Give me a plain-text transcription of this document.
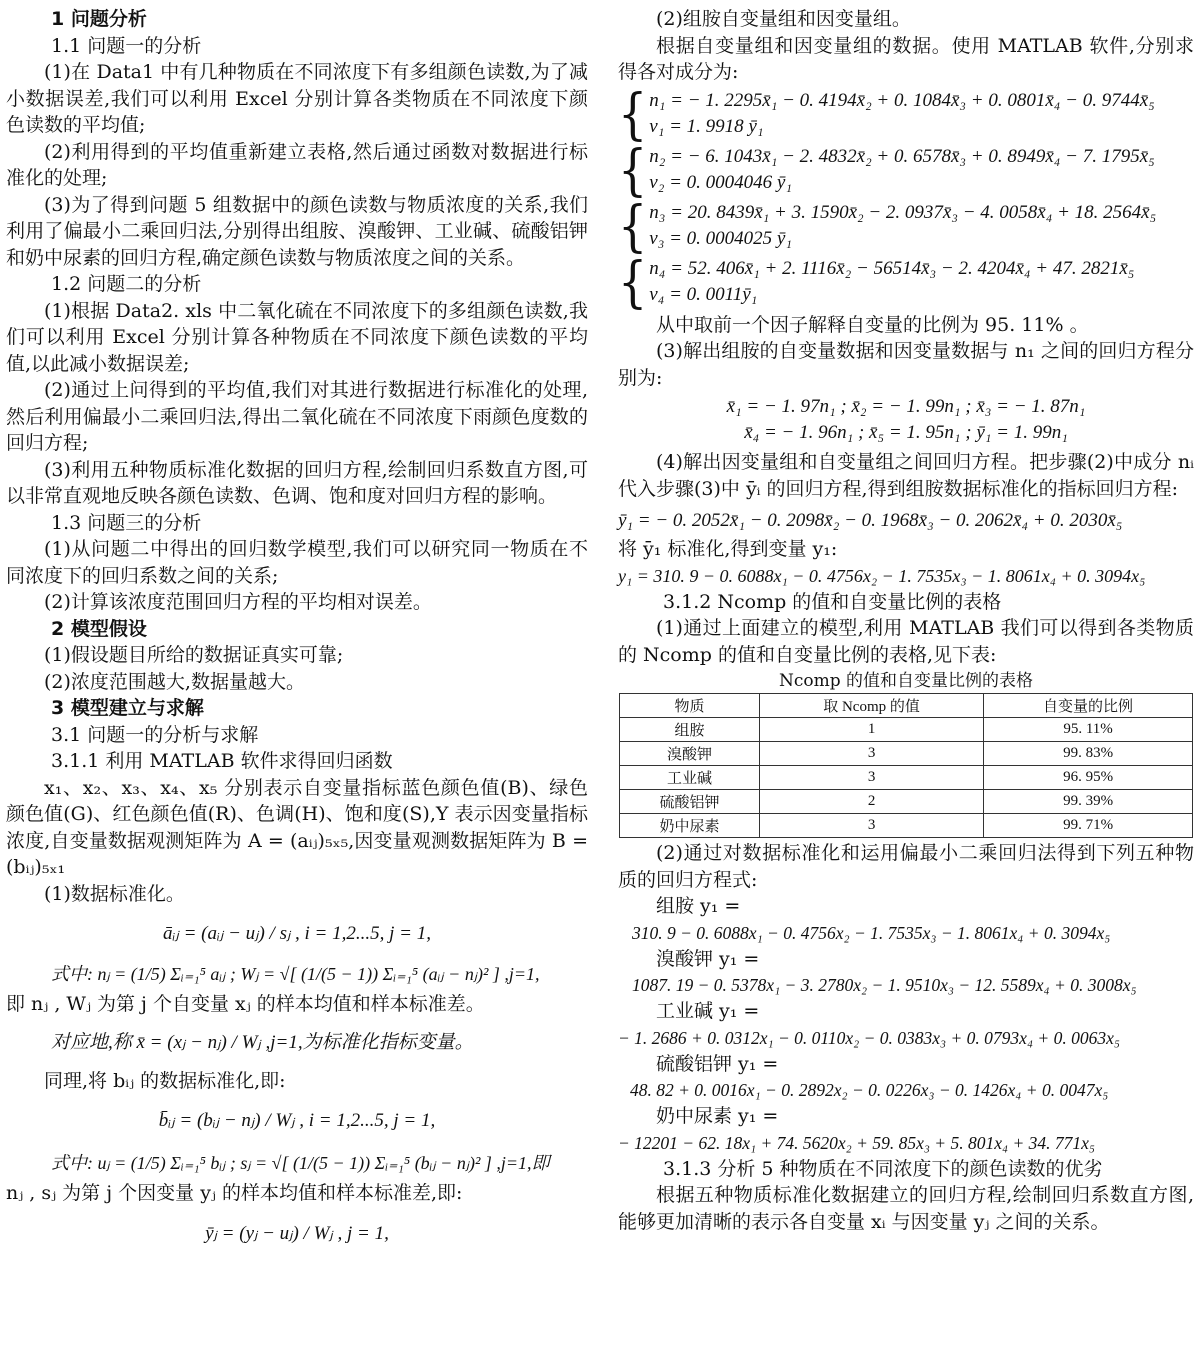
1 问题分析

1.1 问题一的分析

(1)在 Data1 中有几种物质在不同浓度下有多组颜色读数,为了减小数据误差,我们可以利用 Excel 分别计算各类物质在不同浓度下颜色读数的平均值;

(2)利用得到的平均值重新建立表格,然后通过函数对数据进行标准化的处理;

(3)为了得到问题 5 组数据中的颜色读数与物质浓度的关系,我们利用了偏最小二乘回归法,分别得出组胺、溴酸钾、工业碱、硫酸铝钾和奶中尿素的回归方程,确定颜色读数与物质浓度之间的关系。

1.2 问题二的分析

(1)根据 Data2. xls 中二氧化硫在不同浓度下的多组颜色读数,我们可以利用 Excel 分别计算各种物质在不同浓度下颜色读数的平均值,以此减小数据误差;

(2)通过上问得到的平均值,我们对其进行数据进行标准化的处理,然后利用偏最小二乘回归法,得出二氧化硫在不同浓度下雨颜色度数的回归方程;

(3)利用五种物质标准化数据的回归方程,绘制回归系数直方图,可以非常直观地反映各颜色读数、色调、饱和度对回归方程的影响。

1.3 问题三的分析

(1)从问题二中得出的回归数学模型,我们可以研究同一物质在不同浓度下的回归系数之间的关系;

(2)计算该浓度范围回归方程的平均相对误差。

2 模型假设

(1)假设题目所给的数据证真实可靠;

(2)浓度范围越大,数据量越大。

3 模型建立与求解

3.1 问题一的分析与求解

3.1.1 利用 MATLAB 软件求得回归函数

x₁、x₂、x₃、x₄、x₅ 分别表示自变量指标蓝色颜色值(B)、绿色颜色值(G)、红色颜色值(R)、色调(H)、饱和度(S),Y 表示因变量指标浓度,自变量数据观测矩阵为 A = (aᵢⱼ)₅ₓ₅,因变量观测数据矩阵为 B = (bᵢⱼ)₅ₓ₁

(1)数据标准化。

āᵢⱼ = (aᵢⱼ − uⱼ) / sⱼ , i = 1,2...5, j = 1,

式中: nⱼ = (1/5) Σᵢ₌₁⁵ aᵢⱼ ; Wⱼ = √[ (1/(5 − 1)) Σᵢ₌₁⁵ (aᵢⱼ − nⱼ)² ] ,j=1,

即 nⱼ , Wⱼ 为第 j 个自变量 xⱼ 的样本均值和样本标准差。

对应地,称 x̄ = (xⱼ − nⱼ) / Wⱼ ,j=1,为标准化指标变量。

同理,将 bᵢⱼ 的数据标准化,即:

b̄ᵢⱼ = (bᵢⱼ − nⱼ) / Wⱼ , i = 1,2...5, j = 1,

式中: uⱼ = (1/5) Σᵢ₌₁⁵ bᵢⱼ ; sⱼ = √[ (1/(5 − 1)) Σᵢ₌₁⁵ (bᵢⱼ − nⱼ)² ] ,j=1,即

nⱼ , sⱼ 为第 j 个因变量 yⱼ 的样本均值和样本标准差,即:

ȳⱼ = (yⱼ − uⱼ) / Wⱼ , j = 1,

(2)组胺自变量组和因变量组。

根据自变量组和因变量组的数据。使用 MATLAB 软件,分别求得各对成分为:

{ n₁ = − 1. 2295x̄₁ − 0. 4194x̄₂ + 0. 1084x̄₃ + 0. 0801x̄₄ − 0. 9744x̄₅
v₁ = 1. 9918 ȳ₁
{ n₂ = − 6. 1043x̄₁ − 2. 4832x̄₂ + 0. 6578x̄₃ + 0. 8949x̄₄ − 7. 1795x̄₅
v₂ = 0. 0004046 ȳ₁
{ n₃ = 20. 8439x̄₁ + 3. 1590x̄₂ − 2. 0937x̄₃ − 4. 0058x̄₄ + 18. 2564x̄₅
v₃ = 0. 0004025 ȳ₁
{ n₄ = 52. 406x̄₁ + 2. 1116x̄₂ − 56514x̄₃ − 2. 4204x̄₄ + 47. 2821x̄₅
v₄ = 0. 0011ȳ₁

从中取前一个因子解释自变量的比例为 95. 11% 。

(3)解出组胺的自变量数据和因变量数据与 n₁ 之间的回归方程分别为:

x̄₁ = − 1. 97n₁ ; x̄₂ = − 1. 99n₁ ; x̄₃ = − 1. 87n₁

x̄₄ = − 1. 96n₁ ; x̄₅ = 1. 95n₁ ; ȳ₁ = 1. 99n₁

(4)解出因变量组和自变量组之间回归方程。把步骤(2)中成分 nᵢ 代入步骤(3)中 ȳᵢ 的回归方程,得到组胺数据标准化的指标回归方程:

ȳ₁ = − 0. 2052x̄₁ − 0. 2098x̄₂ − 0. 1968x̄₃ − 0. 2062x̄₄ + 0. 2030x̄₅

将 ȳ₁ 标准化,得到变量 y₁:

y₁ = 310. 9 − 0. 6088x₁ − 0. 4756x₂ − 1. 7535x₃ − 1. 8061x₄ + 0. 3094x₅

3.1.2 Ncomp 的值和自变量比例的表格

(1)通过上面建立的模型,利用 MATLAB 我们可以得到各类物质的 Ncomp 的值和自变量比例的表格,见下表:

Ncomp 的值和自变量比例的表格
物质	取 Ncomp 的值	自变量的比例
组胺	1	95. 11%
溴酸钾	3	99. 83%
工业碱	3	96. 95%
硫酸铝钾	2	99. 39%
奶中尿素	3	99. 71%

(2)通过对数据标准化和运用偏最小二乘回归法得到下列五种物质的回归方程式:

组胺 y₁ =

310. 9 − 0. 6088x₁ − 0. 4756x₂ − 1. 7535x₃ − 1. 8061x₄ + 0. 3094x₅

溴酸钾 y₁ =

1087. 19 − 0. 5378x₁ − 3. 2780x₂ − 1. 9510x₃ − 12. 5589x₄ + 0. 3008x₅

工业碱 y₁ =

− 1. 2686 + 0. 0312x₁ − 0. 0110x₂ − 0. 0383x₃ + 0. 0793x₄ + 0. 0063x₅

硫酸铝钾 y₁ =

48. 82 + 0. 0016x₁ − 0. 2892x₂ − 0. 0226x₃ − 0. 1426x₄ + 0. 0047x₅

奶中尿素 y₁ =

− 12201 − 62. 18x₁ + 74. 5620x₂ + 59. 85x₃ + 5. 801x₄ + 34. 771x₅

3.1.3 分析 5 种物质在不同浓度下的颜色读数的优劣

根据五种物质标准化数据建立的回归方程,绘制回归系数直方图,能够更加清晰的表示各自变量 xᵢ 与因变量 yⱼ 之间的关系。
